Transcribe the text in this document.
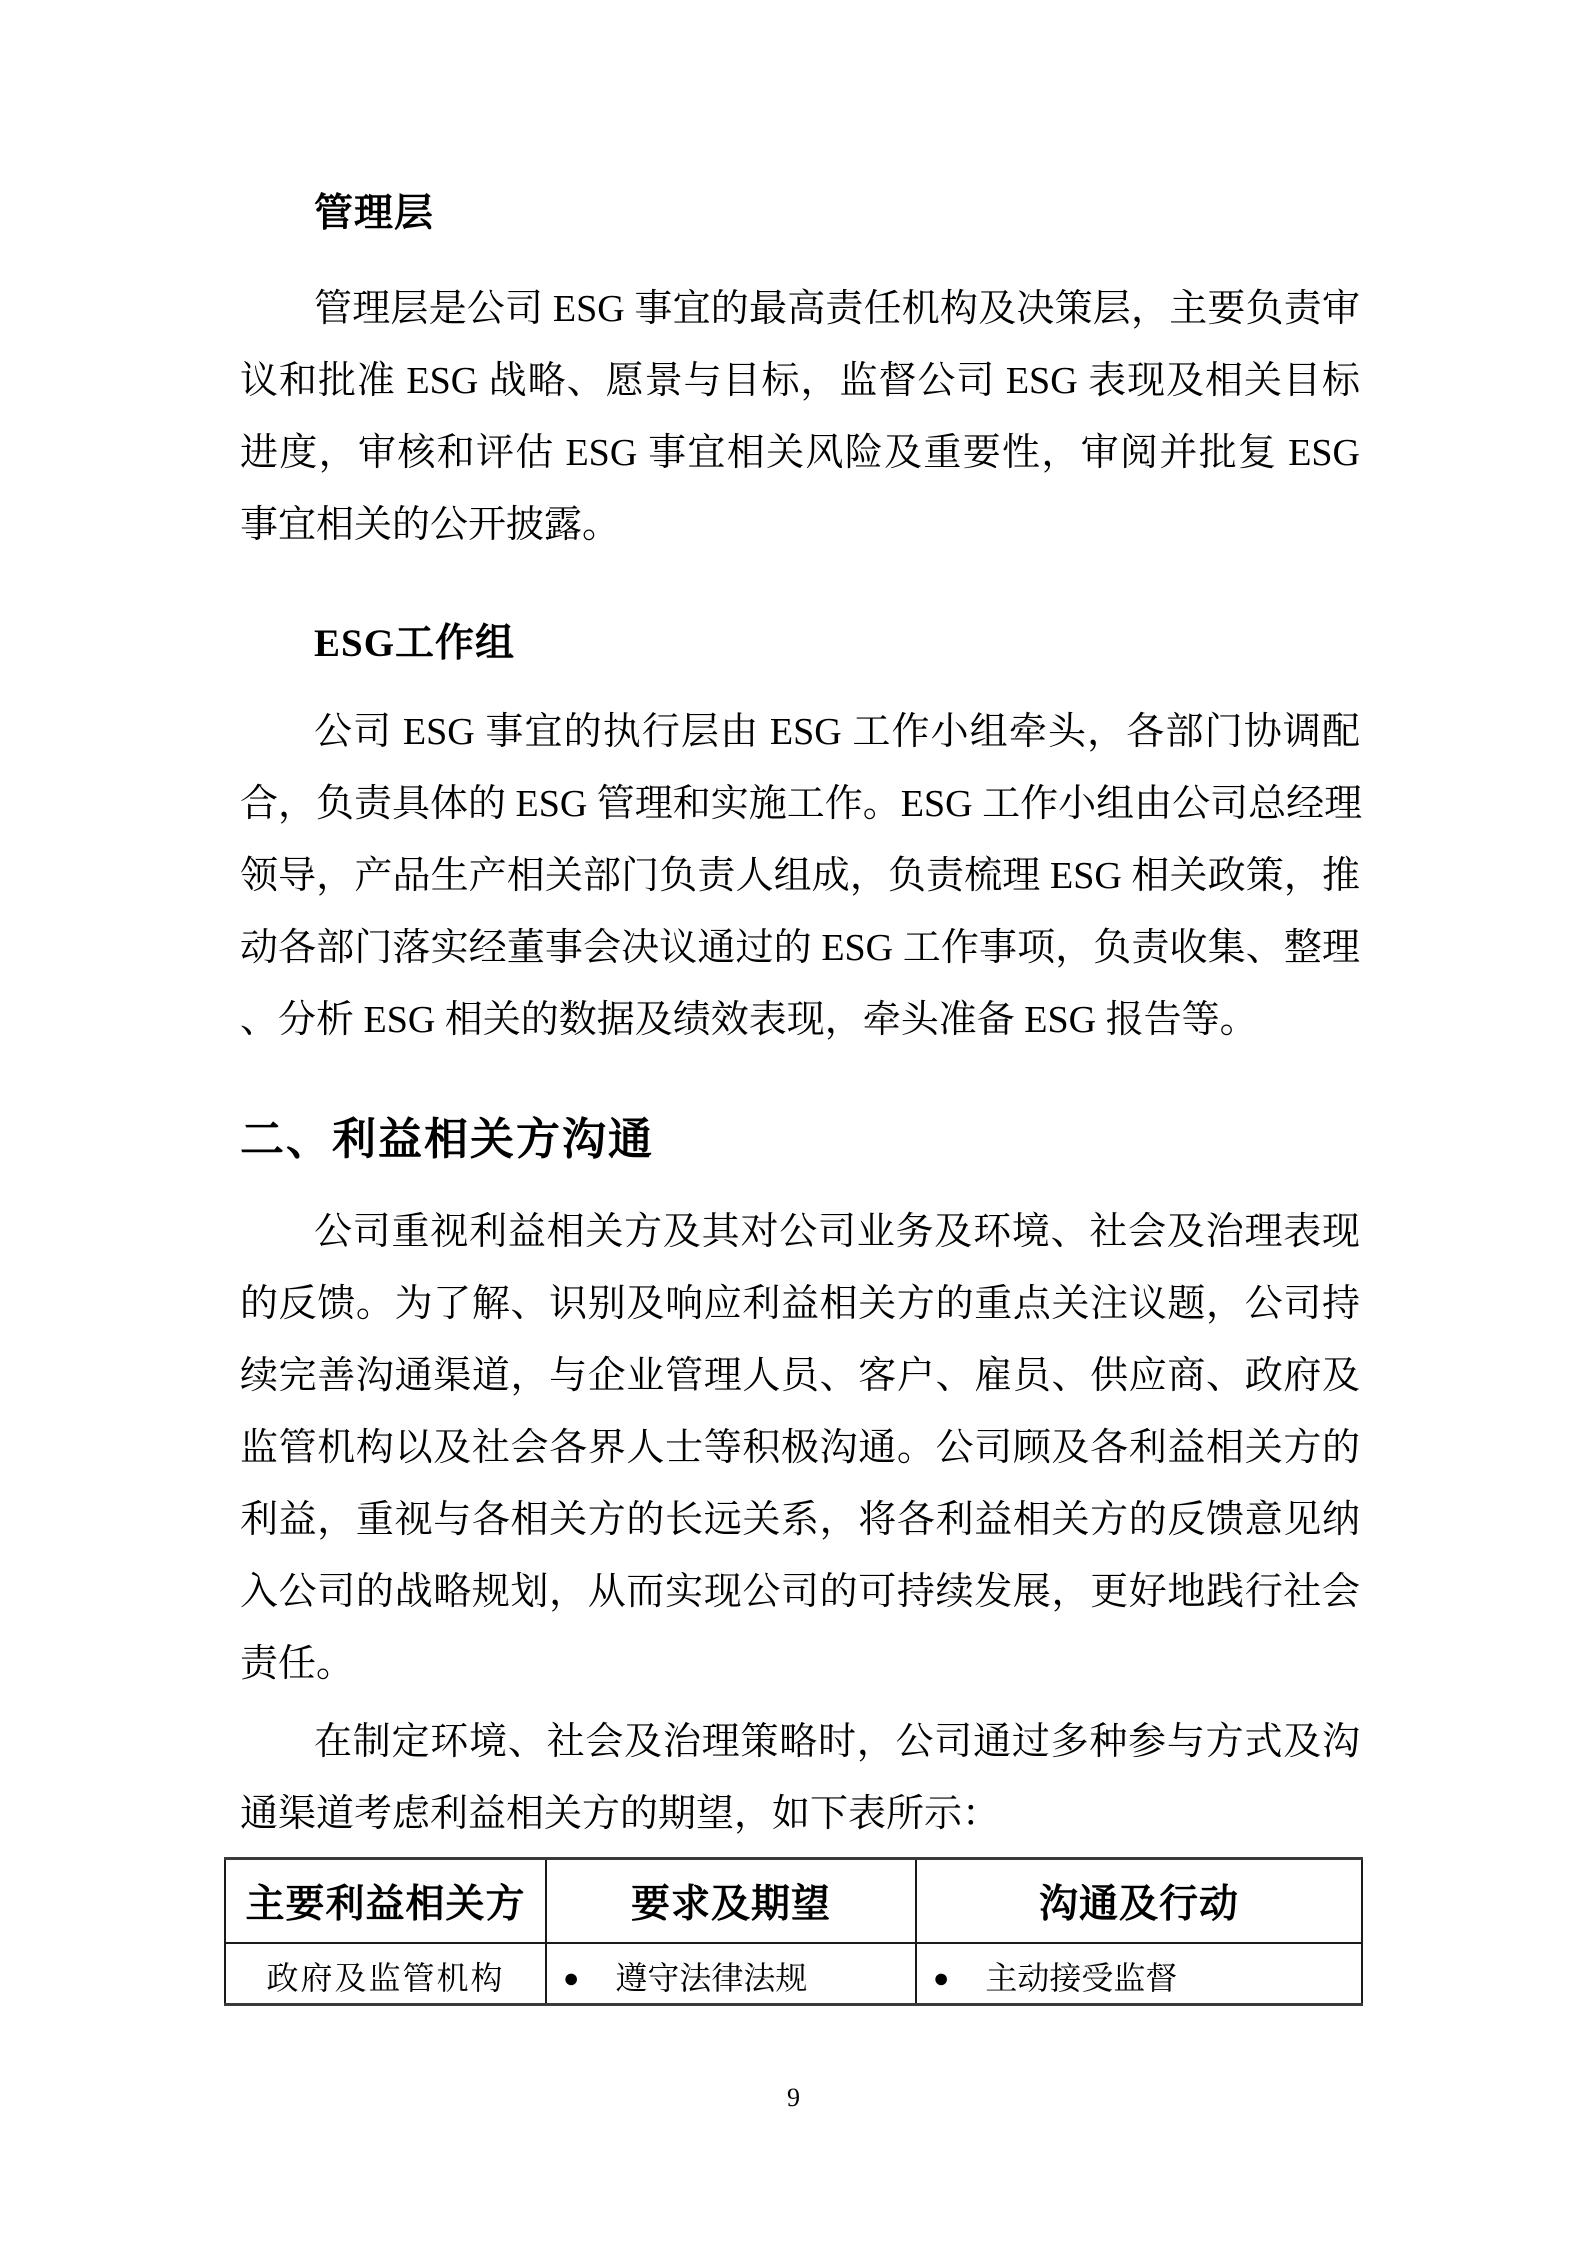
管理层
管理层是公司 ESG 事宜的最高责任机构及决策层，主要负责审
议和批准 ESG 战略、愿景与目标，监督公司 ESG 表现及相关目标
进度，审核和评估 ESG 事宜相关风险及重要性，审阅并批复 ESG
事宜相关的公开披露。
ESG工作组
公司 ESG 事宜的执行层由 ESG 工作小组牵头，各部门协调配
合，负责具体的 ESG 管理和实施工作。ESG 工作小组由公司总经理
领导，产品生产相关部门负责人组成，负责梳理 ESG 相关政策，推
动各部门落实经董事会决议通过的 ESG 工作事项，负责收集、整理
、分析 ESG 相关的数据及绩效表现，牵头准备 ESG 报告等。
二、利益相关方沟通
公司重视利益相关方及其对公司业务及环境、社会及治理表现
的反馈。为了解、识别及响应利益相关方的重点关注议题，公司持
续完善沟通渠道，与企业管理人员、客户、雇员、供应商、政府及
监管机构以及社会各界人士等积极沟通。公司顾及各利益相关方的
利益，重视与各相关方的长远关系，将各利益相关方的反馈意见纳
入公司的战略规划，从而实现公司的可持续发展，更好地践行社会
责任。
在制定环境、社会及治理策略时，公司通过多种参与方式及沟
通渠道考虑利益相关方的期望，如下表所示：
主要利益相关方	要求及期望	沟通及行动
政府及监管机构	● 遵守法律法规	● 主动接受监督
9
